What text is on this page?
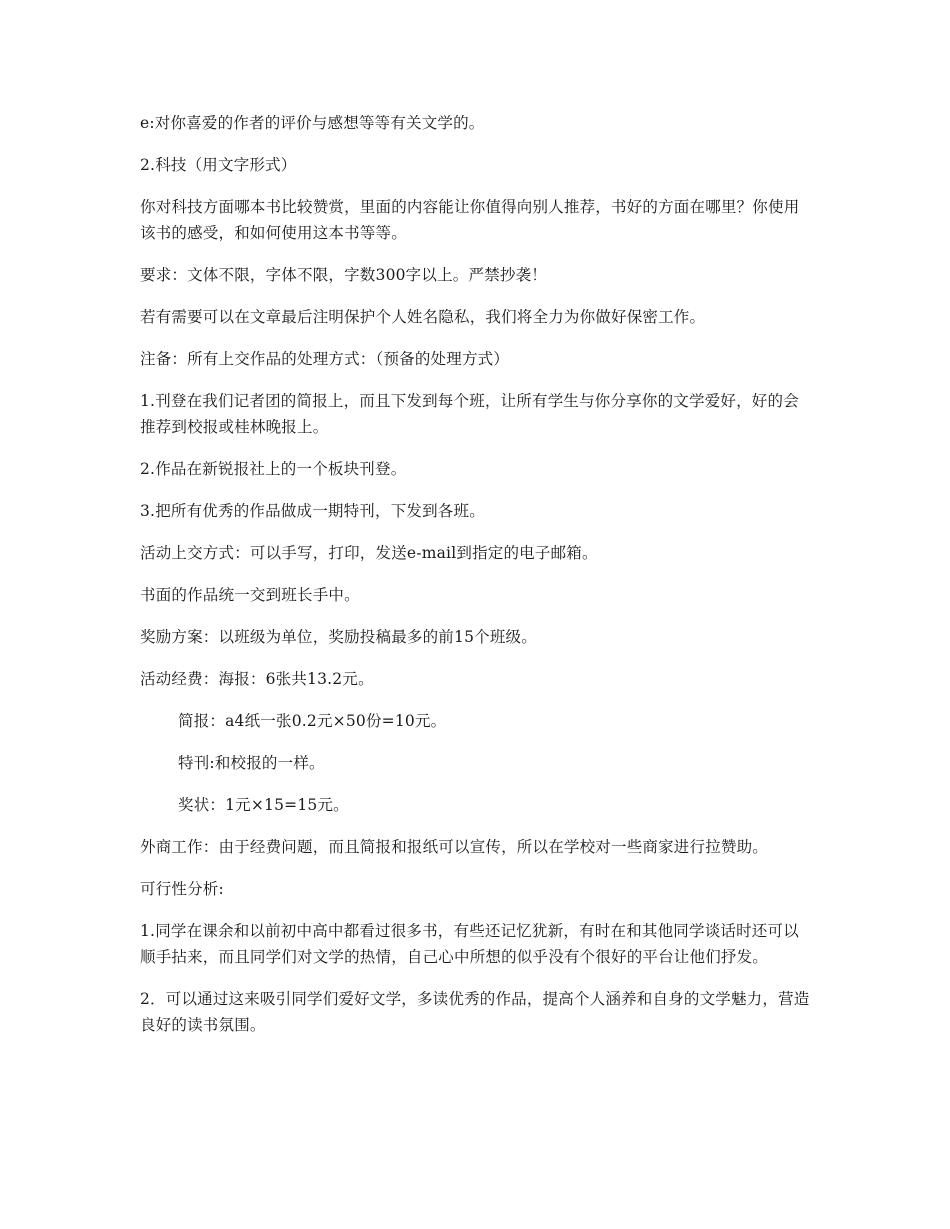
e:对你喜爱的作者的评价与感想等等有关文学的。

2.科技（用文字形式）

你对科技方面哪本书比较赞赏，里面的内容能让你值得向别人推荐，书好的方面在哪里？你使用该书的感受，和如何使用这本书等等。

要求：文体不限，字体不限，字数300字以上。严禁抄袭！

若有需要可以在文章最后注明保护个人姓名隐私，我们将全力为你做好保密工作。

注备：所有上交作品的处理方式：（预备的处理方式）

1.刊登在我们记者团的简报上，而且下发到每个班，让所有学生与你分享你的文学爱好，好的会推荐到校报或桂林晚报上。

2.作品在新锐报社上的一个板块刊登。

3.把所有优秀的作品做成一期特刊，下发到各班。

活动上交方式：可以手写，打印，发送e-mail到指定的电子邮箱。

书面的作品统一交到班长手中。

奖励方案：以班级为单位，奖励投稿最多的前15个班级。

活动经费：海报：6张共13.2元。

简报：a4纸一张0.2元×50份=10元。

特刊:和校报的一样。

奖状：1元×15=15元。

外商工作：由于经费问题，而且简报和报纸可以宣传，所以在学校对一些商家进行拉赞助。

可行性分析:

1.同学在课余和以前初中高中都看过很多书，有些还记忆犹新，有时在和其他同学谈话时还可以顺手拈来，而且同学们对文学的热情，自己心中所想的似乎没有个很好的平台让他们抒发。

2．可以通过这来吸引同学们爱好文学，多读优秀的作品，提高个人涵养和自身的文学魅力，营造良好的读书氛围。
